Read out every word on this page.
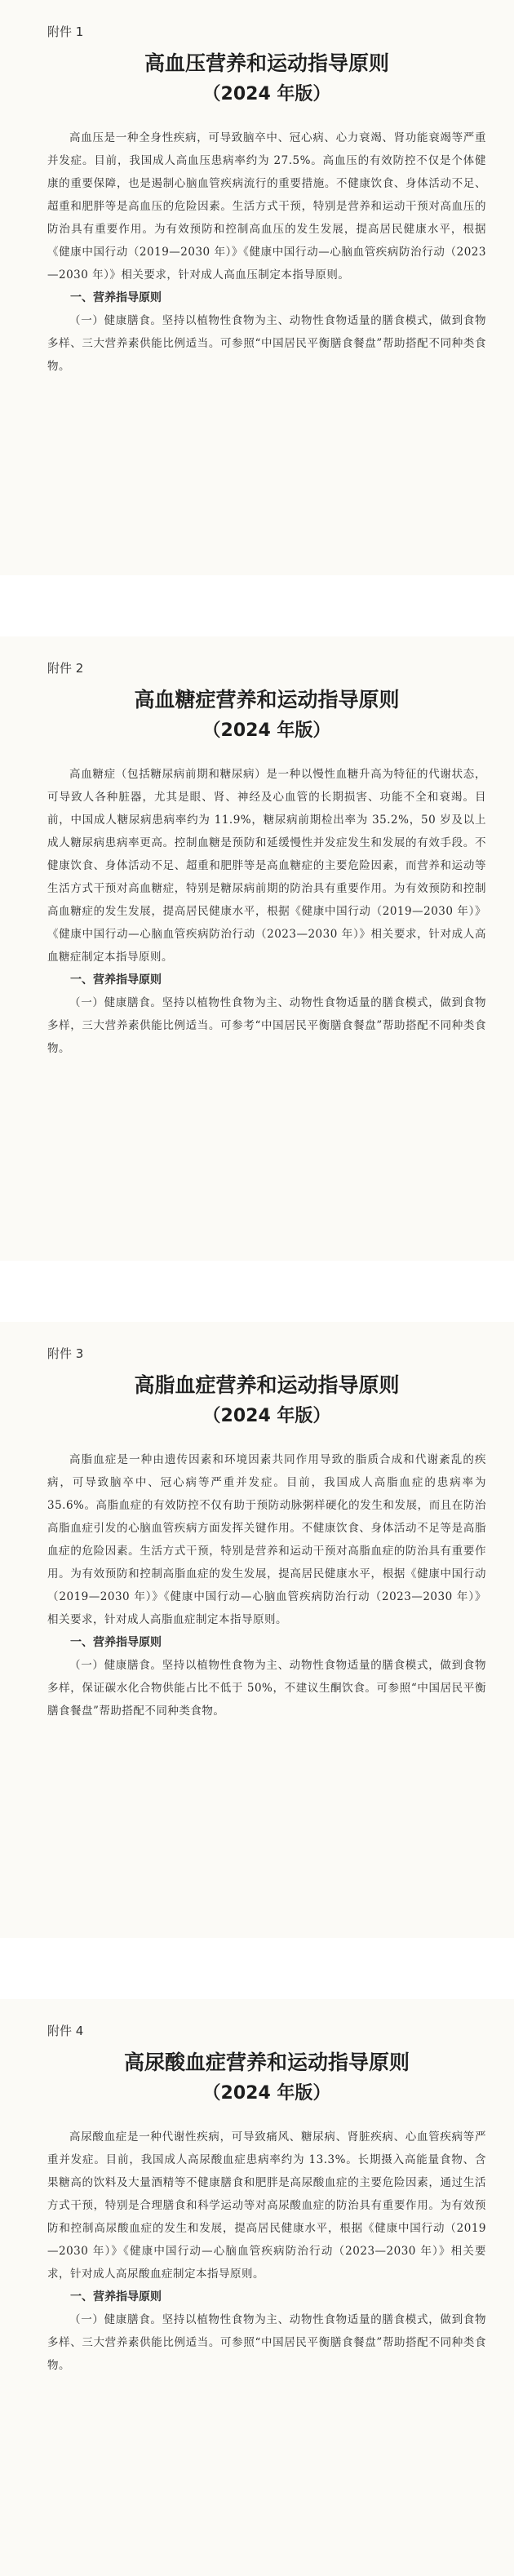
附件 1
高血压营养和运动指导原则
（2024 年版）

高血压是一种全身性疾病，可导致脑卒中、冠心病、心力衰竭、肾功能衰竭等严重并发症。目前，我国成人高血压患病率约为 27.5%。高血压的有效防控不仅是个体健康的重要保障，也是遏制心脑血管疾病流行的重要措施。不健康饮食、身体活动不足、超重和肥胖等是高血压的危险因素。生活方式干预，特别是营养和运动干预对高血压的防治具有重要作用。为有效预防和控制高血压的发生发展，提高居民健康水平，根据《健康中国行动（2019—2030 年）》《健康中国行动—心脑血管疾病防治行动（2023—2030 年）》相关要求，针对成人高血压制定本指导原则。

一、营养指导原则

（一）健康膳食。坚持以植物性食物为主、动物性食物适量的膳食模式，做到食物多样、三大营养素供能比例适当。可参照“中国居民平衡膳食餐盘”帮助搭配不同种类食物。

附件 2
高血糖症营养和运动指导原则
（2024 年版）

高血糖症（包括糖尿病前期和糖尿病）是一种以慢性血糖升高为特征的代谢状态，可导致人各种脏器，尤其是眼、肾、神经及心血管的长期损害、功能不全和衰竭。目前，中国成人糖尿病患病率约为 11.9%，糖尿病前期检出率为 35.2%，50 岁及以上成人糖尿病患病率更高。控制血糖是预防和延缓慢性并发症发生和发展的有效手段。不健康饮食、身体活动不足、超重和肥胖等是高血糖症的主要危险因素，而营养和运动等生活方式干预对高血糖症，特别是糖尿病前期的防治具有重要作用。为有效预防和控制高血糖症的发生发展，提高居民健康水平，根据《健康中国行动（2019—2030 年）》《健康中国行动—心脑血管疾病防治行动（2023—2030 年）》相关要求，针对成人高血糖症制定本指导原则。

一、营养指导原则

（一）健康膳食。坚持以植物性食物为主、动物性食物适量的膳食模式，做到食物多样，三大营养素供能比例适当。可参考“中国居民平衡膳食餐盘”帮助搭配不同种类食物。

附件 3
高脂血症营养和运动指导原则
（2024 年版）

高脂血症是一种由遗传因素和环境因素共同作用导致的脂质合成和代谢紊乱的疾病，可导致脑卒中、冠心病等严重并发症。目前，我国成人高脂血症的患病率为 35.6%。高脂血症的有效防控不仅有助于预防动脉粥样硬化的发生和发展，而且在防治高脂血症引发的心脑血管疾病方面发挥关键作用。不健康饮食、身体活动不足等是高脂血症的危险因素。生活方式干预，特别是营养和运动干预对高脂血症的防治具有重要作用。为有效预防和控制高脂血症的发生发展，提高居民健康水平，根据《健康中国行动（2019—2030 年）》《健康中国行动—心脑血管疾病防治行动（2023—2030 年）》相关要求，针对成人高脂血症制定本指导原则。

一、营养指导原则

（一）健康膳食。坚持以植物性食物为主、动物性食物适量的膳食模式，做到食物多样，保证碳水化合物供能占比不低于 50%，不建议生酮饮食。可参照“中国居民平衡膳食餐盘”帮助搭配不同种类食物。

附件 4
高尿酸血症营养和运动指导原则
（2024 年版）

高尿酸血症是一种代谢性疾病，可导致痛风、糖尿病、肾脏疾病、心血管疾病等严重并发症。目前，我国成人高尿酸血症患病率约为 13.3%。长期摄入高能量食物、含果糖高的饮料及大量酒精等不健康膳食和肥胖是高尿酸血症的主要危险因素，通过生活方式干预，特别是合理膳食和科学运动等对高尿酸血症的防治具有重要作用。为有效预防和控制高尿酸血症的发生和发展，提高居民健康水平，根据《健康中国行动（2019—2030 年）》《健康中国行动—心脑血管疾病防治行动（2023—2030 年）》相关要求，针对成人高尿酸血症制定本指导原则。

一、营养指导原则

（一）健康膳食。坚持以植物性食物为主、动物性食物适量的膳食模式，做到食物多样、三大营养素供能比例适当。可参照“中国居民平衡膳食餐盘”帮助搭配不同种类食物。
